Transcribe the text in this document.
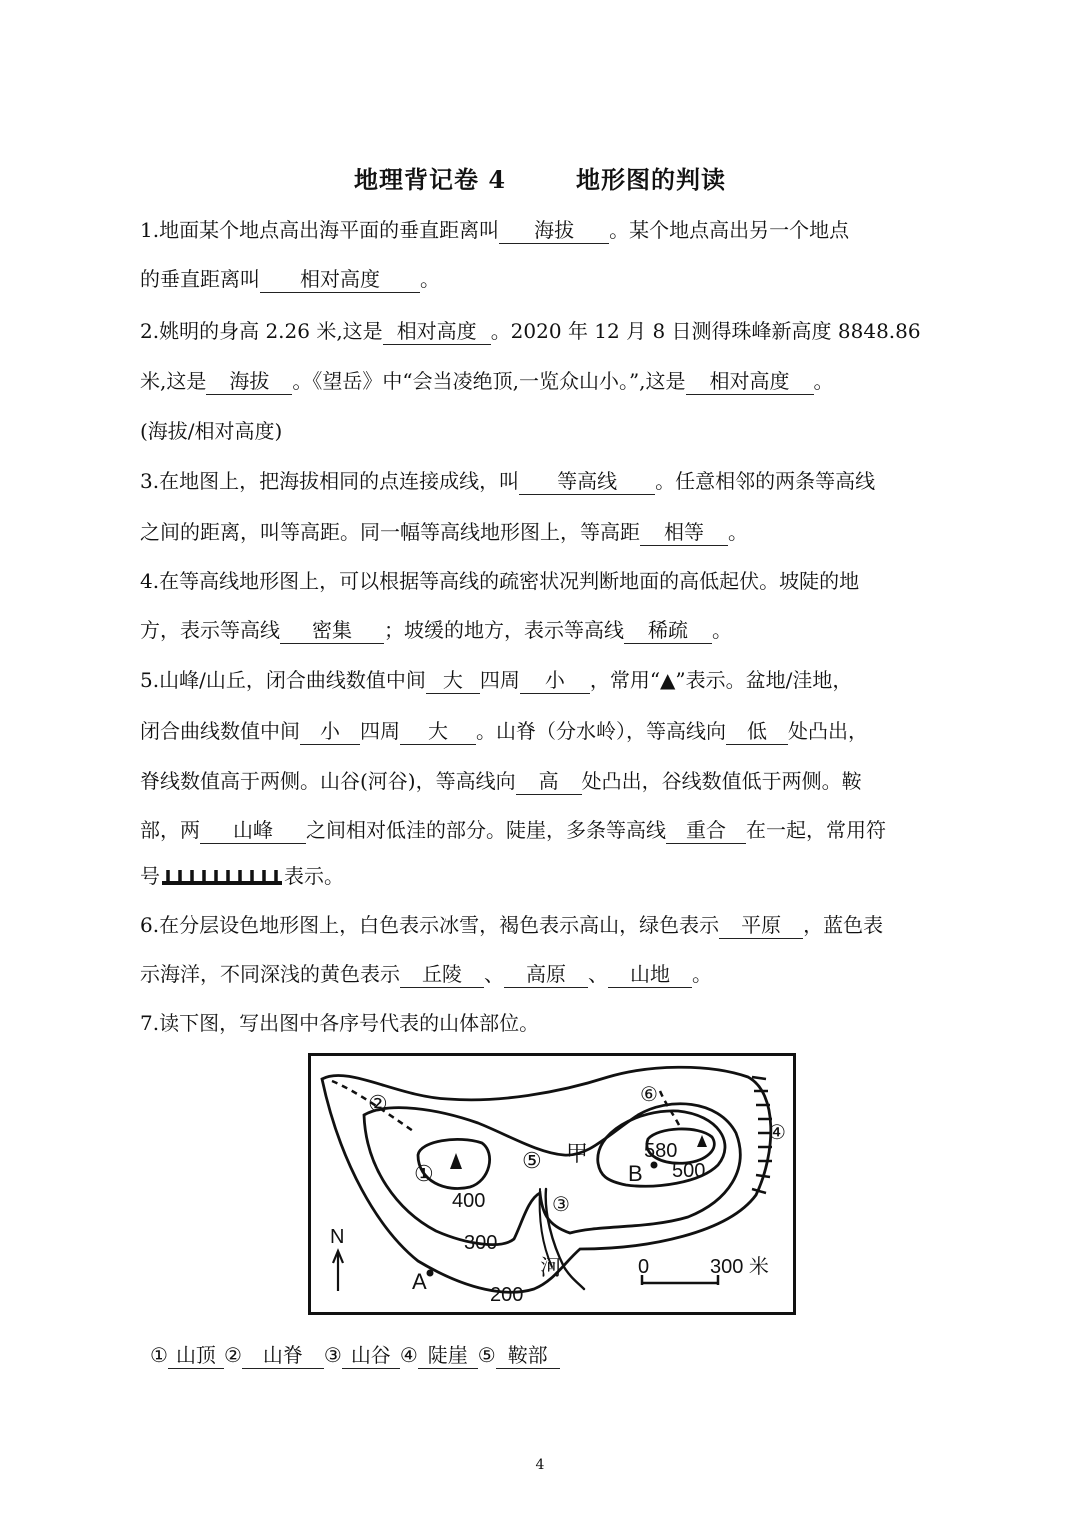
地理背记卷 4	地形图的判读
1.地面某个地点高出海平面的垂直距离叫 海拔 。某个地点高出另一个地点
的垂直距离叫 相对高度 。
2.姚明的身高 2.26 米,这是 相对高度 。2020 年 12 月 8 日测得珠峰新高度 8848.86
米,这是 海拔 。《望岳》中“会当凌绝顶,一览众山小。”,这是 相对高度 。
(海拔/相对高度)
3.在地图上，把海拔相同的点连接成线，叫 等高线 。任意相邻的两条等高线
之间的距离，叫等高距。同一幅等高线地形图上，等高距 相等 。
4.在等高线地形图上，可以根据等高线的疏密状况判断地面的高低起伏。坡陡的地
方，表示等高线 密集 ；坡缓的地方，表示等高线 稀疏 。
5.山峰/山丘，闭合曲线数值中间 大 四周 小 ，常用“▲”表示。盆地/洼地，
闭合曲线数值中间 小 四周 大 。山脊（分水岭），等高线向 低 处凸出，
脊线数值高于两侧。山谷(河谷)，等高线向 高 处凸出，谷线数值低于两侧。鞍
部，两 山峰 之间相对低洼的部分。陡崖，多条等高线 重合 在一起，常用符
号	表示。
6.在分层设色地形图上，白色表示冰雪，褐色表示高山，绿色表示 平原 ，蓝色表
示海洋，不同深浅的黄色表示 丘陵 、 高原 、 山地 。
7.读下图，写出图中各序号代表的山体部位。
②
①
⑤ 甲
③
⑥
④
580
500
400
300
200
B
A
河
N
0	300 米
① 山顶 ② 山脊 ③ 山谷 ④ 陡崖 ⑤ 鞍部
4
